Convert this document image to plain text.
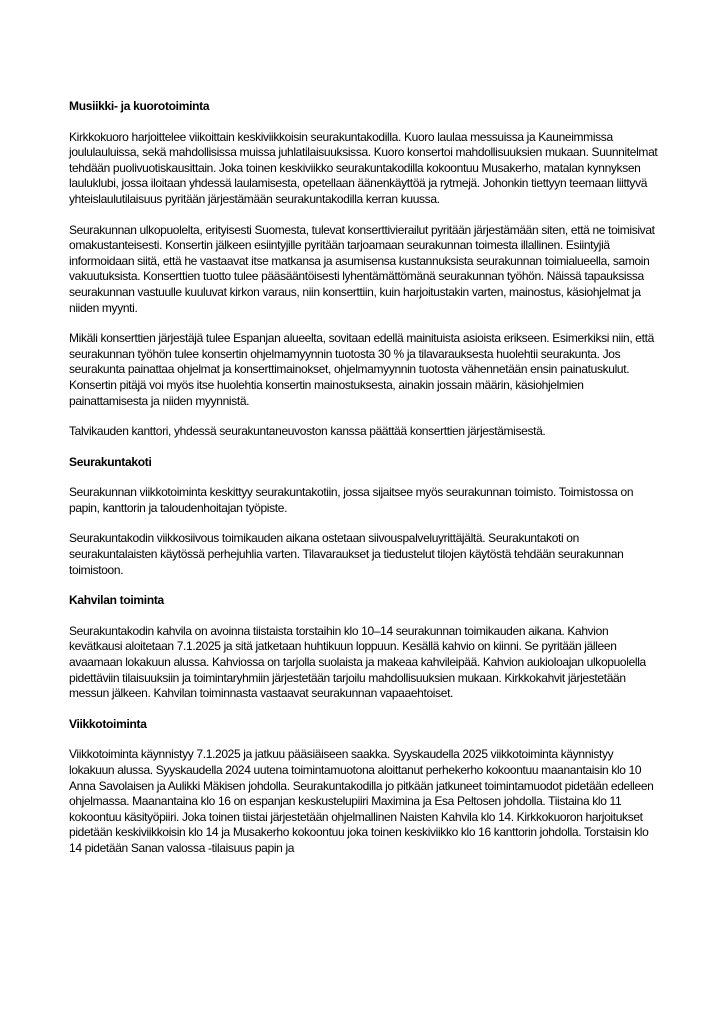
Musiikki- ja kuorotoiminta

Kirkkokuoro harjoittelee viikoittain keskiviikkoisin seurakuntakodilla. Kuoro laulaa messuissa ja Kauneimmissa joululauluissa, sekä mahdollisissa muissa juhlatilaisuuksissa. Kuoro konsertoi mahdollisuuksien mukaan. Suunnitelmat tehdään puolivuotiskausittain. Joka toinen keskiviikko seurakuntakodilla kokoontuu Musakerho, matalan kynnyksen lauluklubi, jossa iloitaan yhdessä laulamisesta, opetellaan äänenkäyttöä ja rytmejä. Johonkin tiettyyn teemaan liittyvä yhteislaulutilaisuus pyritään järjestämään seurakuntakodilla kerran kuussa.

Seurakunnan ulkopuolelta, erityisesti Suomesta, tulevat konserttivierailut pyritään järjestämään siten, että ne toimisivat omakustanteisesti. Konsertin jälkeen esiintyjille pyritään tarjoamaan seurakunnan toimesta illallinen. Esiintyjiä informoidaan siitä, että he vastaavat itse matkansa ja asumisensa kustannuksista seurakunnan toimialueella, samoin vakuutuksista. Konserttien tuotto tulee pääsääntöisesti lyhentämättömänä seurakunnan työhön. Näissä tapauksissa seurakunnan vastuulle kuuluvat kirkon varaus, niin konserttiin, kuin harjoitustakin varten, mainostus, käsiohjelmat ja niiden myynti.

Mikäli konserttien järjestäjä tulee Espanjan alueelta, sovitaan edellä mainituista asioista erikseen. Esimerkiksi niin, että seurakunnan työhön tulee konsertin ohjelmamyynnin tuotosta 30 % ja tilavarauksesta huolehtii seurakunta. Jos seurakunta painattaa ohjelmat ja konserttimainokset, ohjelmamyynnin tuotosta vähennetään ensin painatuskulut. Konsertin pitäjä voi myös itse huolehtia konsertin mainostuksesta, ainakin jossain määrin, käsiohjelmien painattamisesta ja niiden myynnistä.

Talvikauden kanttori, yhdessä seurakuntaneuvoston kanssa päättää konserttien järjestämisestä.

Seurakuntakoti

Seurakunnan viikkotoiminta keskittyy seurakuntakotiin, jossa sijaitsee myös seurakunnan toimisto. Toimistossa on papin, kanttorin ja taloudenhoitajan työpiste.

Seurakuntakodin viikkosiivous toimikauden aikana ostetaan siivouspalveluyrittäjältä. Seurakuntakoti on seurakuntalaisten käytössä perhejuhlia varten. Tilavaraukset ja tiedustelut tilojen käytöstä tehdään seurakunnan toimistoon.

Kahvilan toiminta

Seurakuntakodin kahvila on avoinna tiistaista torstaihin klo 10–14 seurakunnan toimikauden aikana. Kahvion kevätkausi aloitetaan 7.1.2025 ja sitä jatketaan huhtikuun loppuun. Kesällä kahvio on kiinni. Se pyritään jälleen avaamaan lokakuun alussa. Kahviossa on tarjolla suolaista ja makeaa kahvileipää. Kahvion aukioloajan ulkopuolella pidettäviin tilaisuuksiin ja toimintaryhmiin järjestetään tarjoilu mahdollisuuksien mukaan. Kirkkokahvit järjestetään messun jälkeen. Kahvilan toiminnasta vastaavat seurakunnan vapaaehtoiset.

Viikkotoiminta

Viikkotoiminta käynnistyy 7.1.2025 ja jatkuu pääsiäiseen saakka. Syyskaudella 2025 viikkotoiminta käynnistyy lokakuun alussa. Syyskaudella 2024 uutena toimintamuotona aloittanut perhekerho kokoontuu maanantaisin klo 10 Anna Savolaisen ja Aulikki Mäkisen johdolla. Seurakuntakodilla jo pitkään jatkuneet toimintamuodot pidetään edelleen ohjelmassa. Maanantaina klo 16 on espanjan keskustelupiiri Maximina ja Esa Peltosen johdolla. Tiistaina klo 11 kokoontuu käsityöpiiri. Joka toinen tiistai järjestetään ohjelmallinen Naisten Kahvila klo 14. Kirkkokuoron harjoitukset pidetään keskiviikkoisin klo 14 ja Musakerho kokoontuu joka toinen keskiviikko klo 16 kanttorin johdolla. Torstaisin klo 14 pidetään Sanan valossa -tilaisuus papin ja
